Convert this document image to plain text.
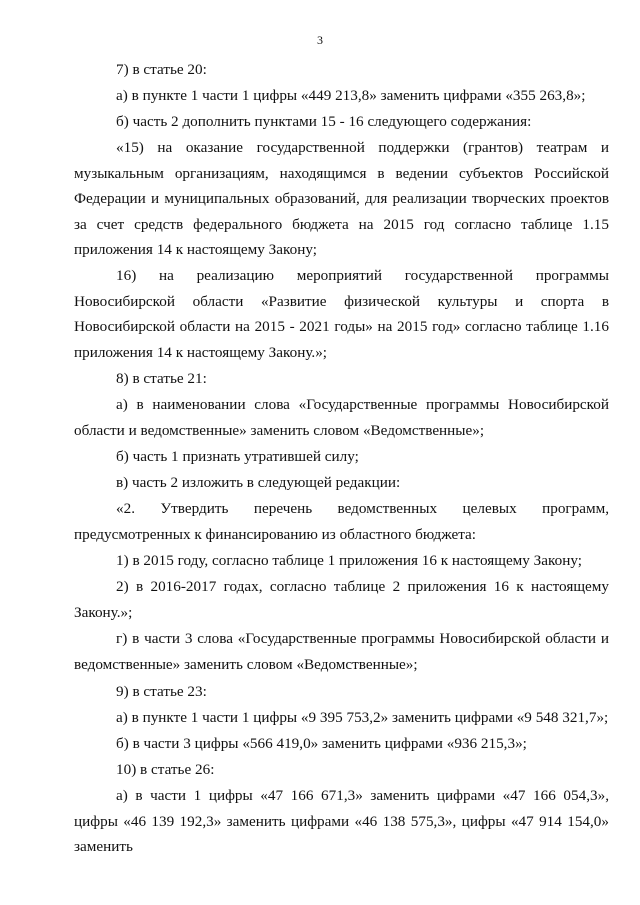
3

7) в статье 20:

а) в пункте 1 части 1 цифры «449 213,8» заменить цифрами «355 263,8»;

б) часть 2 дополнить пунктами 15 - 16 следующего содержания:

«15) на оказание государственной поддержки (грантов) театрам и музыкальным организациям, находящимся в ведении субъектов Российской Федерации и муниципальных образований, для реализации творческих проектов за счет средств федерального бюджета на 2015 год согласно таблице 1.15 приложения 14 к настоящему Закону;

16) на реализацию мероприятий государственной программы Новосибирской области «Развитие физической культуры и спорта в Новосибирской области на 2015 - 2021 годы» на 2015 год» согласно таблице 1.16 приложения 14 к настоящему Закону.»;

8) в статье 21:

а) в наименовании слова «Государственные программы Новосибирской области и ведомственные» заменить словом «Ведомственные»;

б) часть 1 признать утратившей силу;

в) часть 2 изложить в следующей редакции:

«2. Утвердить перечень ведомственных целевых программ, предусмотренных к финансированию из областного бюджета:

1) в 2015 году, согласно таблице 1 приложения 16 к настоящему Закону;

2) в 2016-2017 годах, согласно таблице 2 приложения 16 к настоящему Закону.»;

г) в части 3 слова «Государственные программы Новосибирской области и ведомственные» заменить словом «Ведомственные»;

9) в статье 23:

а) в пункте 1 части 1 цифры «9 395 753,2» заменить цифрами «9 548 321,7»;

б) в части 3 цифры «566 419,0» заменить цифрами «936 215,3»;

10) в статье 26:

а) в части 1 цифры «47 166 671,3» заменить цифрами «47 166 054,3», цифры «46 139 192,3» заменить цифрами «46 138 575,3», цифры «47 914 154,0» заменить
